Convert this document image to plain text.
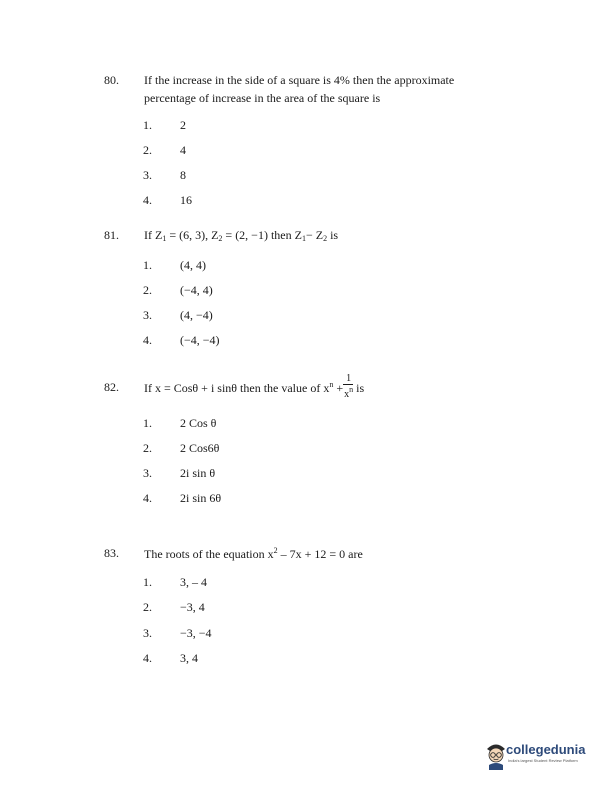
80. If the increase in the side of a square is 4% then the approximate
percentage of increase in the area of the square is
1. 2
2. 4
3. 8
4. 16
81. If $Z_1 = (6$, 3), $Z_2 = (2$, −1) then $Z_1- Z_2$ is
1. (4, 4)
2. (−4, 4)
3. (4, −4)
4. (−4, −4)
82. If x = Cosθ + i sinθ then the value of $x^n + \frac{1}{x^n}$ is
1. 2 Cos θ
2. 2 Cos6θ
3. 2i sin θ
4. 2i sin 6θ
83. The roots of the equation $x^2 - 7x + 12 = 0$ are
1. 3, – 4
2. −3, 4
3. −3, −4
4. 3, 4
collegedunia
India's largest Student Review Platform
